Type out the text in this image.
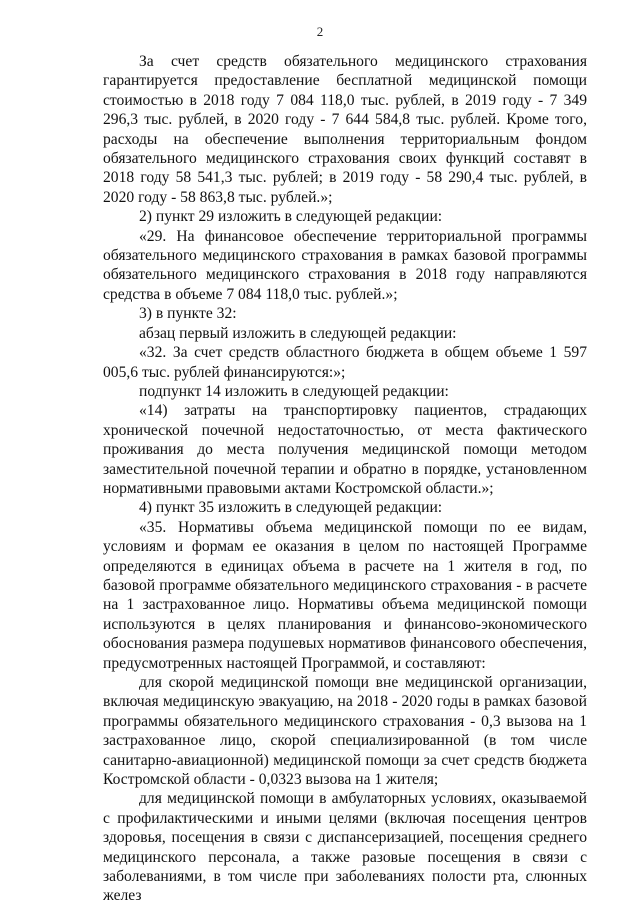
2

За счет средств обязательного медицинского страхования гарантируется предоставление бесплатной медицинской помощи стоимостью в 2018 году 7 084 118,0 тыс. рублей, в 2019 году - 7 349 296,3 тыс. рублей, в 2020 году - 7 644 584,8 тыс. рублей. Кроме того, расходы на обеспечение выполнения территориальным фондом обязательного медицинского страхования своих функций составят в 2018 году 58 541,3 тыс. рублей; в 2019 году - 58 290,4 тыс. рублей, в 2020 году - 58 863,8 тыс. рублей.»;

2) пункт 29 изложить в следующей редакции:

«29. На финансовое обеспечение территориальной программы обязательного медицинского страхования в рамках базовой программы обязательного медицинского страхования в 2018 году направляются средства в объеме 7 084 118,0 тыс. рублей.»;

3) в пункте 32:

абзац первый изложить в следующей редакции:

«32. За счет средств областного бюджета в общем объеме 1 597 005,6 тыс. рублей финансируются:»;

подпункт 14 изложить в следующей редакции:

«14) затраты на транспортировку пациентов, страдающих хронической почечной недостаточностью, от места фактического проживания до места получения медицинской помощи методом заместительной почечной терапии и обратно в порядке, установленном нормативными правовыми актами Костромской области.»;

4) пункт 35 изложить в следующей редакции:

«35. Нормативы объема медицинской помощи по ее видам, условиям и формам ее оказания в целом по настоящей Программе определяются в единицах объема в расчете на 1 жителя в год, по базовой программе обязательного медицинского страхования - в расчете на 1 застрахованное лицо. Нормативы объема медицинской помощи используются в целях планирования и финансово-экономического обоснования размера подушевых нормативов финансового обеспечения, предусмотренных настоящей Программой, и составляют:

для скорой медицинской помощи вне медицинской организации, включая медицинскую эвакуацию, на 2018 - 2020 годы в рамках базовой программы обязательного медицинского страхования - 0,3 вызова на 1 застрахованное лицо, скорой специализированной (в том числе санитарно-авиационной) медицинской помощи за счет средств бюджета Костромской области - 0,0323 вызова на 1 жителя;

для медицинской помощи в амбулаторных условиях, оказываемой с профилактическими и иными целями (включая посещения центров здоровья, посещения в связи с диспансеризацией, посещения среднего медицинского персонала, а также разовые посещения в связи с заболеваниями, в том числе при заболеваниях полости рта, слюнных желез
